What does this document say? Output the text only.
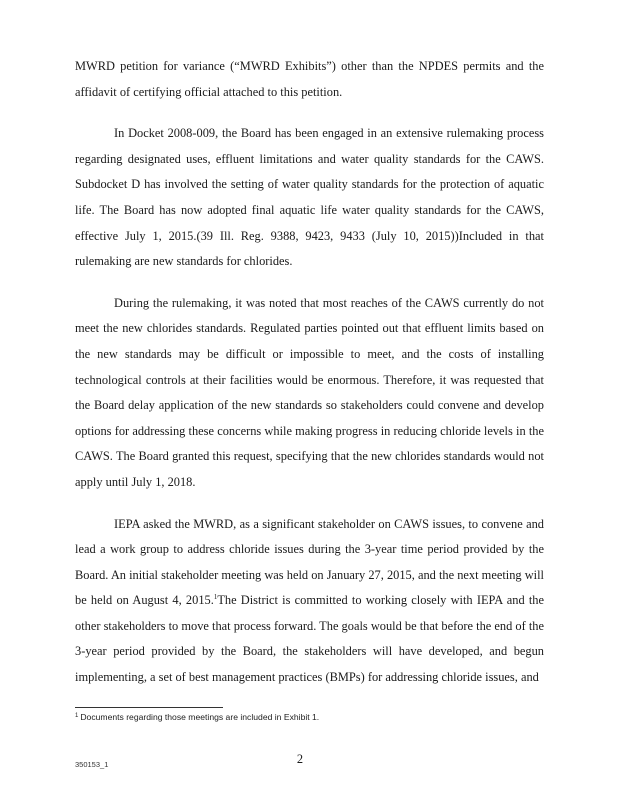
MWRD petition for variance (“MWRD Exhibits”) other than the NPDES permits and the affidavit of certifying official attached to this petition.

In Docket 2008-009, the Board has been engaged in an extensive rulemaking process regarding designated uses, effluent limitations and water quality standards for the CAWS. Subdocket D has involved the setting of water quality standards for the protection of aquatic life. The Board has now adopted final aquatic life water quality standards for the CAWS, effective July 1, 2015.(39 Ill. Reg. 9388, 9423, 9433 (July 10, 2015))Included in that rulemaking are new standards for chlorides.

During the rulemaking, it was noted that most reaches of the CAWS currently do not meet the new chlorides standards. Regulated parties pointed out that effluent limits based on the new standards may be difficult or impossible to meet, and the costs of installing technological controls at their facilities would be enormous. Therefore, it was requested that the Board delay application of the new standards so stakeholders could convene and develop options for addressing these concerns while making progress in reducing chloride levels in the CAWS. The Board granted this request, specifying that the new chlorides standards would not apply until July 1, 2018.

IEPA asked the MWRD, as a significant stakeholder on CAWS issues, to convene and lead a work group to address chloride issues during the 3-year time period provided by the Board. An initial stakeholder meeting was held on January 27, 2015, and the next meeting will be held on August 4, 2015.$^1$The District is committed to working closely with IEPA and the other stakeholders to move that process forward. The goals would be that before the end of the 3-year period provided by the Board, the stakeholders will have developed, and begun implementing, a set of best management practices (BMPs) for addressing chloride issues, and

$^1$ Documents regarding those meetings are included in Exhibit 1.
350153_1	2
